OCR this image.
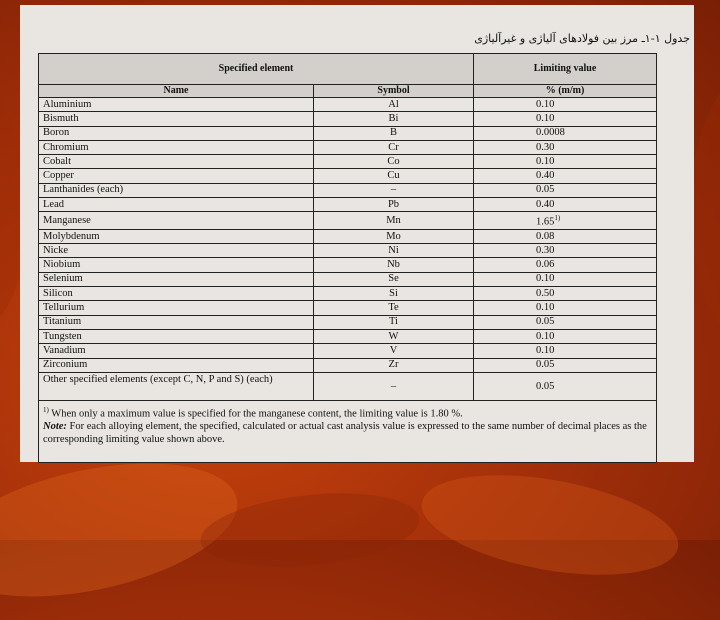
جدول ۱-۱ـ مرز بین فولادهای آلیاژی و غیرآلیاژی
Specified element		Limiting value
Name	Symbol	% (m/m)
Aluminium	Al	0.10
Bismuth	Bi	0.10
Boron	B	0.0008
Chromium	Cr	0.30
Cobalt	Co	0.10
Copper	Cu	0.40
Lanthanides (each)	–	0.05
Lead	Pb	0.40
Manganese	Mn	1.65$^{1)}$
Molybdenum	Mo	0.08
Nicke	Ni	0.30
Niobium	Nb	0.06
Selenium	Se	0.10
Silicon	Si	0.50
Tellurium	Te	0.10
Titanium	Ti	0.05
Tungsten	W	0.10
Vanadium	V	0.10
Zirconium	Zr	0.05
Other specified elements (except C, N, P and S) (each)	–	0.05
$^{1)}$ When only a maximum value is specified for the manganese content, the limiting value is 1.80 %.
Note: For each alloying element, the specified, calculated or actual cast analysis value is expressed to the same number of decimal places as the corresponding limiting value shown above.		
